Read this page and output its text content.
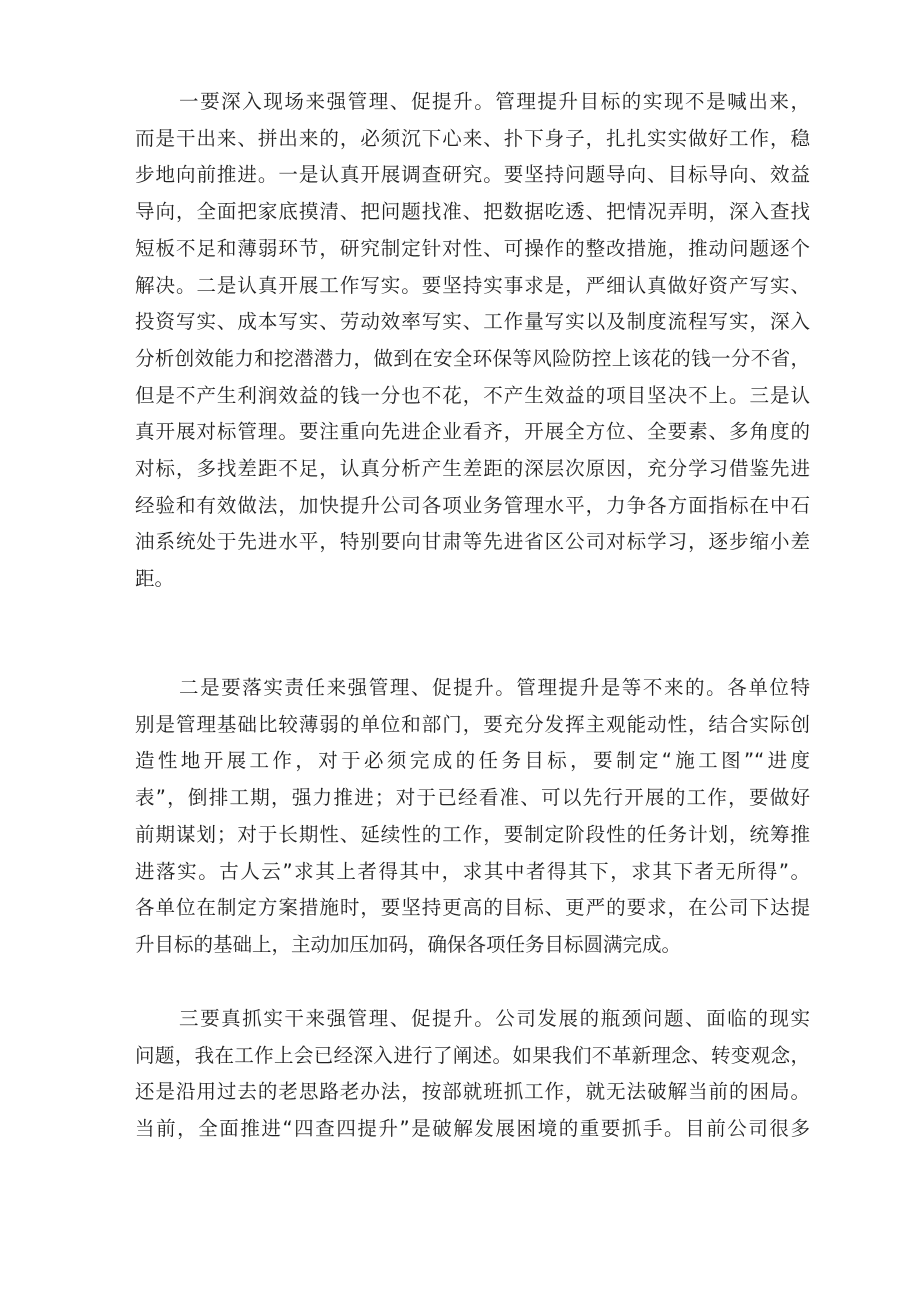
一要深入现场来强管理、促提升。管理提升目标的实现不是喊出来，
而是干出来、拼出来的，必须沉下心来、扑下身子，扎扎实实做好工作，稳
步地向前推进。一是认真开展调查研究。要坚持问题导向、目标导向、效益
导向，全面把家底摸清、把问题找准、把数据吃透、把情况弄明，深入查找
短板不足和薄弱环节，研究制定针对性、可操作的整改措施，推动问题逐个
解决。二是认真开展工作写实。要坚持实事求是，严细认真做好资产写实、
投资写实、成本写实、劳动效率写实、工作量写实以及制度流程写实，深入
分析创效能力和挖潜潜力，做到在安全环保等风险防控上该花的钱一分不省，
但是不产生利润效益的钱一分也不花，不产生效益的项目坚决不上。三是认
真开展对标管理。要注重向先进企业看齐，开展全方位、全要素、多角度的
对标，多找差距不足，认真分析产生差距的深层次原因，充分学习借鉴先进
经验和有效做法，加快提升公司各项业务管理水平，力争各方面指标在中石
油系统处于先进水平，特别要向甘肃等先进省区公司对标学习，逐步缩小差
距。
二是要落实责任来强管理、促提升。管理提升是等不来的。各单位特
别是管理基础比较薄弱的单位和部门，要充分发挥主观能动性，结合实际创
造性地开展工作，对于必须完成的任务目标，要制定“施工图”“进度
表”，倒排工期，强力推进；对于已经看准、可以先行开展的工作，要做好
前期谋划；对于长期性、延续性的工作，要制定阶段性的任务计划，统筹推
进落实。古人云”求其上者得其中，求其中者得其下，求其下者无所得”。
各单位在制定方案措施时，要坚持更高的目标、更严的要求，在公司下达提
升目标的基础上，主动加压加码，确保各项任务目标圆满完成。
三要真抓实干来强管理、促提升。公司发展的瓶颈问题、面临的现实
问题，我在工作上会已经深入进行了阐述。如果我们不革新理念、转变观念，
还是沿用过去的老思路老办法，按部就班抓工作，就无法破解当前的困局。
当前，全面推进“四查四提升”是破解发展困境的重要抓手。目前公司很多
